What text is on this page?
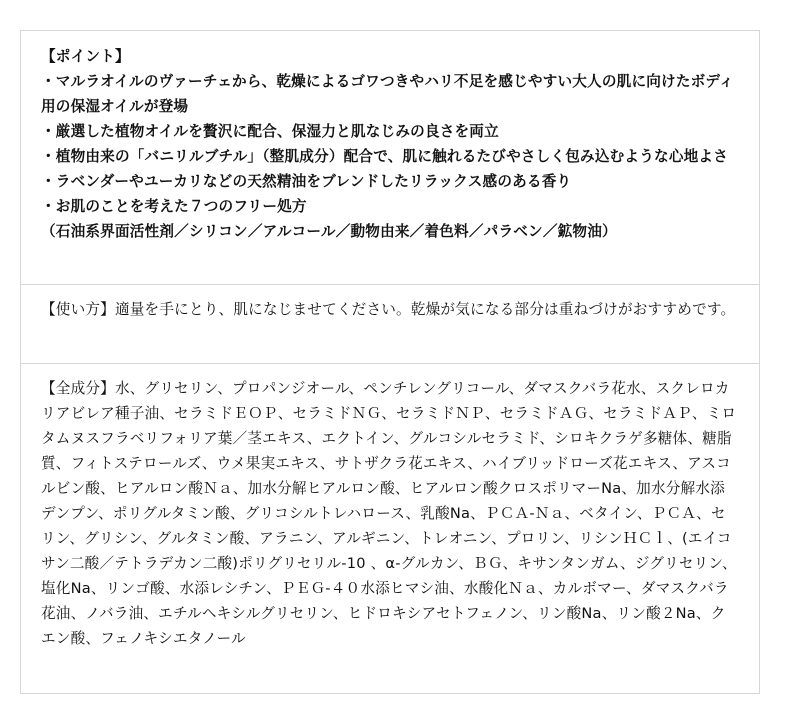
【ポイント】
・マルラオイルのヴァーチェから、乾燥によるゴワつきやハリ不足を感じやすい大人の肌に向けたボディ用の保湿オイルが登場
・厳選した植物オイルを贅沢に配合、保湿力と肌なじみの良さを両立
・植物由来の「バニリルブチル」（整肌成分）配合で、肌に触れるたびやさしく包み込むような心地よさ
・ラベンダーやユーカリなどの天然精油をブレンドしたリラックス感のある香り
・お肌のことを考えた７つのフリー処方
（石油系界面活性剤／シリコン／アルコール／動物由来／着色料／パラベン／鉱物油）
【使い方】適量を手にとり、肌になじませてください。乾燥が気になる部分は重ねづけがおすすめです。
【全成分】水、グリセリン、プロパンジオール、ペンチレングリコール、ダマスクバラ花水、スクレロカリアビレア種子油、セラミドＥＯＰ、セラミドＮＧ、セラミドＮＰ、セラミドＡＧ、セラミドＡＰ、ミロタムヌスフラベリフォリア葉／茎エキス、エクトイン、グルコシルセラミド、シロキクラゲ多糖体、糖脂質、フィトステロールズ、ウメ果実エキス、サトザクラ花エキス、ハイブリッドローズ花エキス、アスコルビン酸、ヒアルロン酸Ｎａ、加水分解ヒアルロン酸、ヒアルロン酸クロスポリマーNa、加水分解水添デンプン、ポリグルタミン酸、グリコシルトレハロース、乳酸Na、ＰＣＡ-Ｎａ、ベタイン、ＰＣＡ、セリン、グリシン、グルタミン酸、アラニン、アルギニン、トレオニン、プロリン、リシンＨＣｌ、(エイコサン二酸／テトラデカン二酸)ポリグリセリル-10 、α-グルカン、ＢＧ、キサンタンガム、ジグリセリン、塩化Na、リンゴ酸、水添レシチン、ＰＥＧ-４０水添ヒマシ油、水酸化Ｎａ、カルボマー、ダマスクバラ花油、ノバラ油、エチルヘキシルグリセリン、ヒドロキシアセトフェノン、リン酸Na、リン酸２Na、クエン酸、フェノキシエタノール
